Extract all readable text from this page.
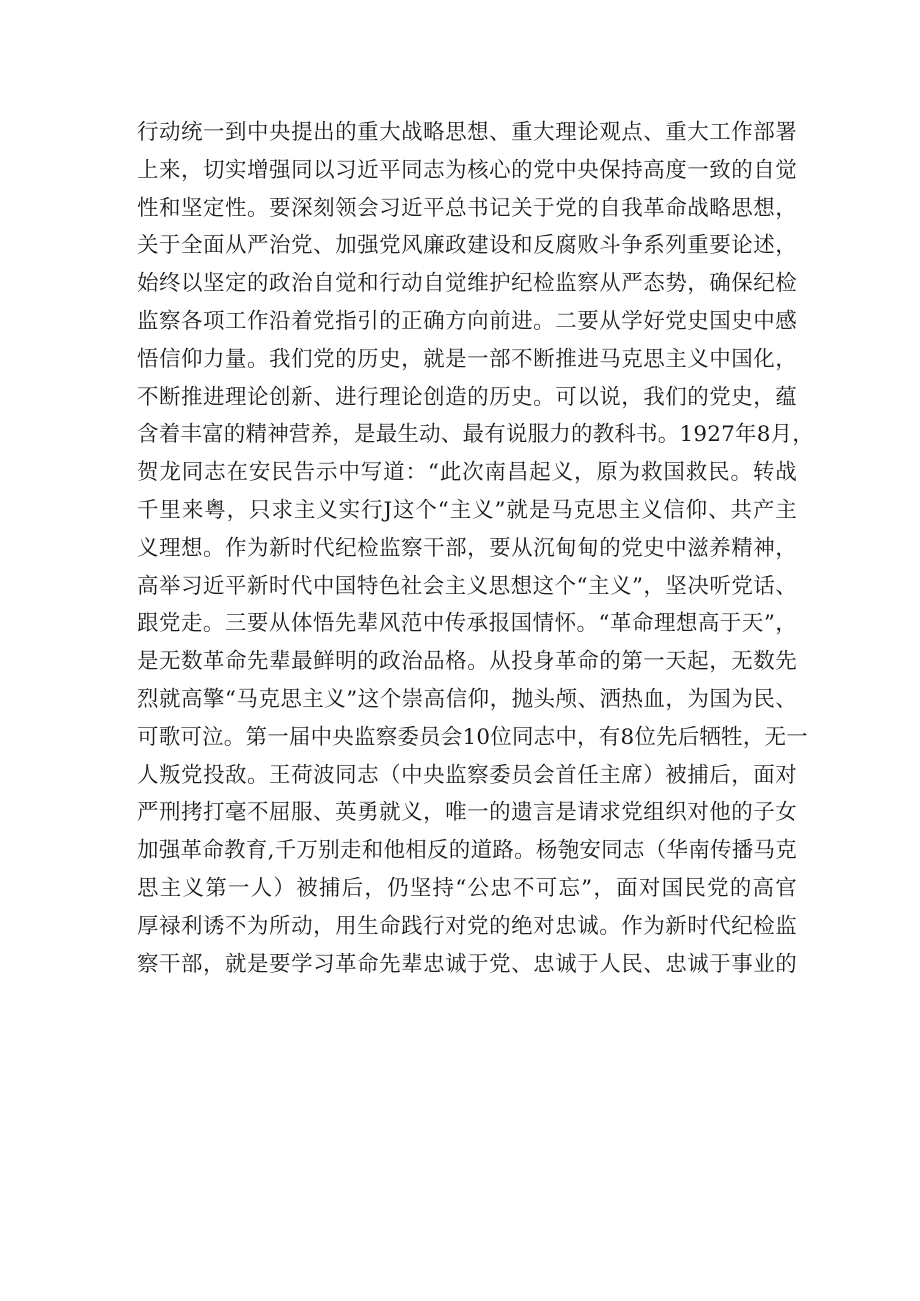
行动统一到中央提出的重大战略思想、重大理论观点、重大工作部署
上来，切实增强同以习近平同志为核心的党中央保持高度一致的自觉
性和坚定性。要深刻领会习近平总书记关于党的自我革命战略思想，
关于全面从严治党、加强党风廉政建设和反腐败斗争系列重要论述，
始终以坚定的政治自觉和行动自觉维护纪检监察从严态势，确保纪检
监察各项工作沿着党指引的正确方向前进。二要从学好党史国史中感
悟信仰力量。我们党的历史，就是一部不断推进马克思主义中国化，
不断推进理论创新、进行理论创造的历史。可以说，我们的党史，蕴
含着丰富的精神营养，是最生动、最有说服力的教科书。1927年8月，
贺龙同志在安民告示中写道：“此次南昌起义，原为救国救民。转战
千里来粤，只求主义实行J这个“主义”就是马克思主义信仰、共产主
义理想。作为新时代纪检监察干部，要从沉甸甸的党史中滋养精神，
高举习近平新时代中国特色社会主义思想这个“主义”，坚决听党话、
跟党走。三要从体悟先辈风范中传承报国情怀。“革命理想高于天”，
是无数革命先辈最鲜明的政治品格。从投身革命的第一天起，无数先
烈就高擎“马克思主义”这个崇高信仰，抛头颅、洒热血，为国为民、
可歌可泣。第一届中央监察委员会10位同志中，有8位先后牺牲，无一
人叛党投敌。王荷波同志（中央监察委员会首任主席）被捕后，面对
严刑拷打毫不屈服、英勇就义，唯一的遗言是请求党组织对他的子女
加强革命教育,千万别走和他相反的道路。杨匏安同志（华南传播马克
思主义第一人）被捕后，仍坚持“公忠不可忘”，面对国民党的高官
厚禄利诱不为所动，用生命践行对党的绝对忠诚。作为新时代纪检监
察干部，就是要学习革命先辈忠诚于党、忠诚于人民、忠诚于事业的
